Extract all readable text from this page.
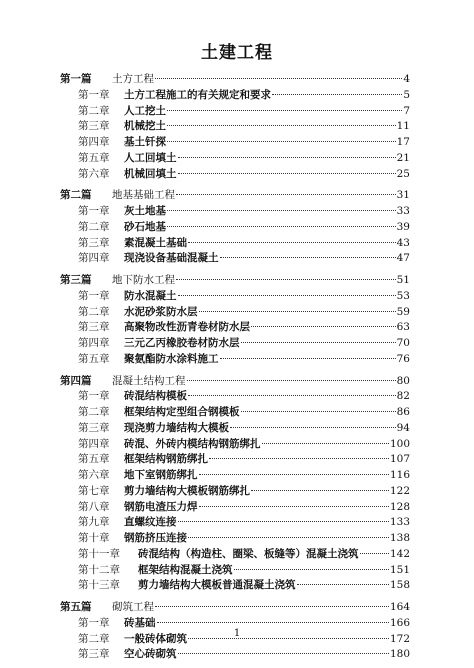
土建工程
第一篇	土方工程	4
第一章	土方工程施工的有关规定和要求	5
第二章	人工挖土	7
第三章	机械挖土	11
第四章	基土钎探	17
第五章	人工回填土	21
第六章	机械回填土	25
第二篇	地基基础工程	31
第一章	灰土地基	33
第二章	砂石地基	39
第三章	素混凝土基础	43
第四章	现浇设备基础混凝土	47
第三篇	地下防水工程	51
第一章	防水混凝土	53
第二章	水泥砂浆防水层	59
第三章	高聚物改性沥青卷材防水层	63
第四章	三元乙丙橡胶卷材防水层	70
第五章	聚氨酯防水涂料施工	76
第四篇	混凝土结构工程	80
第一章	砖混结构模板	82
第二章	框架结构定型组合钢模板	86
第三章	现浇剪力墙结构大模板	94
第四章	砖混、外砖内模结构钢筋绑扎	100
第五章	框架结构钢筋绑扎	107
第六章	地下室钢筋绑扎	116
第七章	剪力墙结构大模板钢筋绑扎	122
第八章	钢筋电渣压力焊	128
第九章	直螺纹连接	133
第十章	钢筋挤压连接	138
第十一章	砖混结构（构造柱、圈梁、板缝等）混凝土浇筑	142
第十二章	框架结构混凝土浇筑	151
第十三章	剪力墙结构大模板普通混凝土浇筑	158
第五篇	砌筑工程	164
第一章	砖基础	166
第二章	一般砖体砌筑	172
第三章	空心砖砌筑	180
1
